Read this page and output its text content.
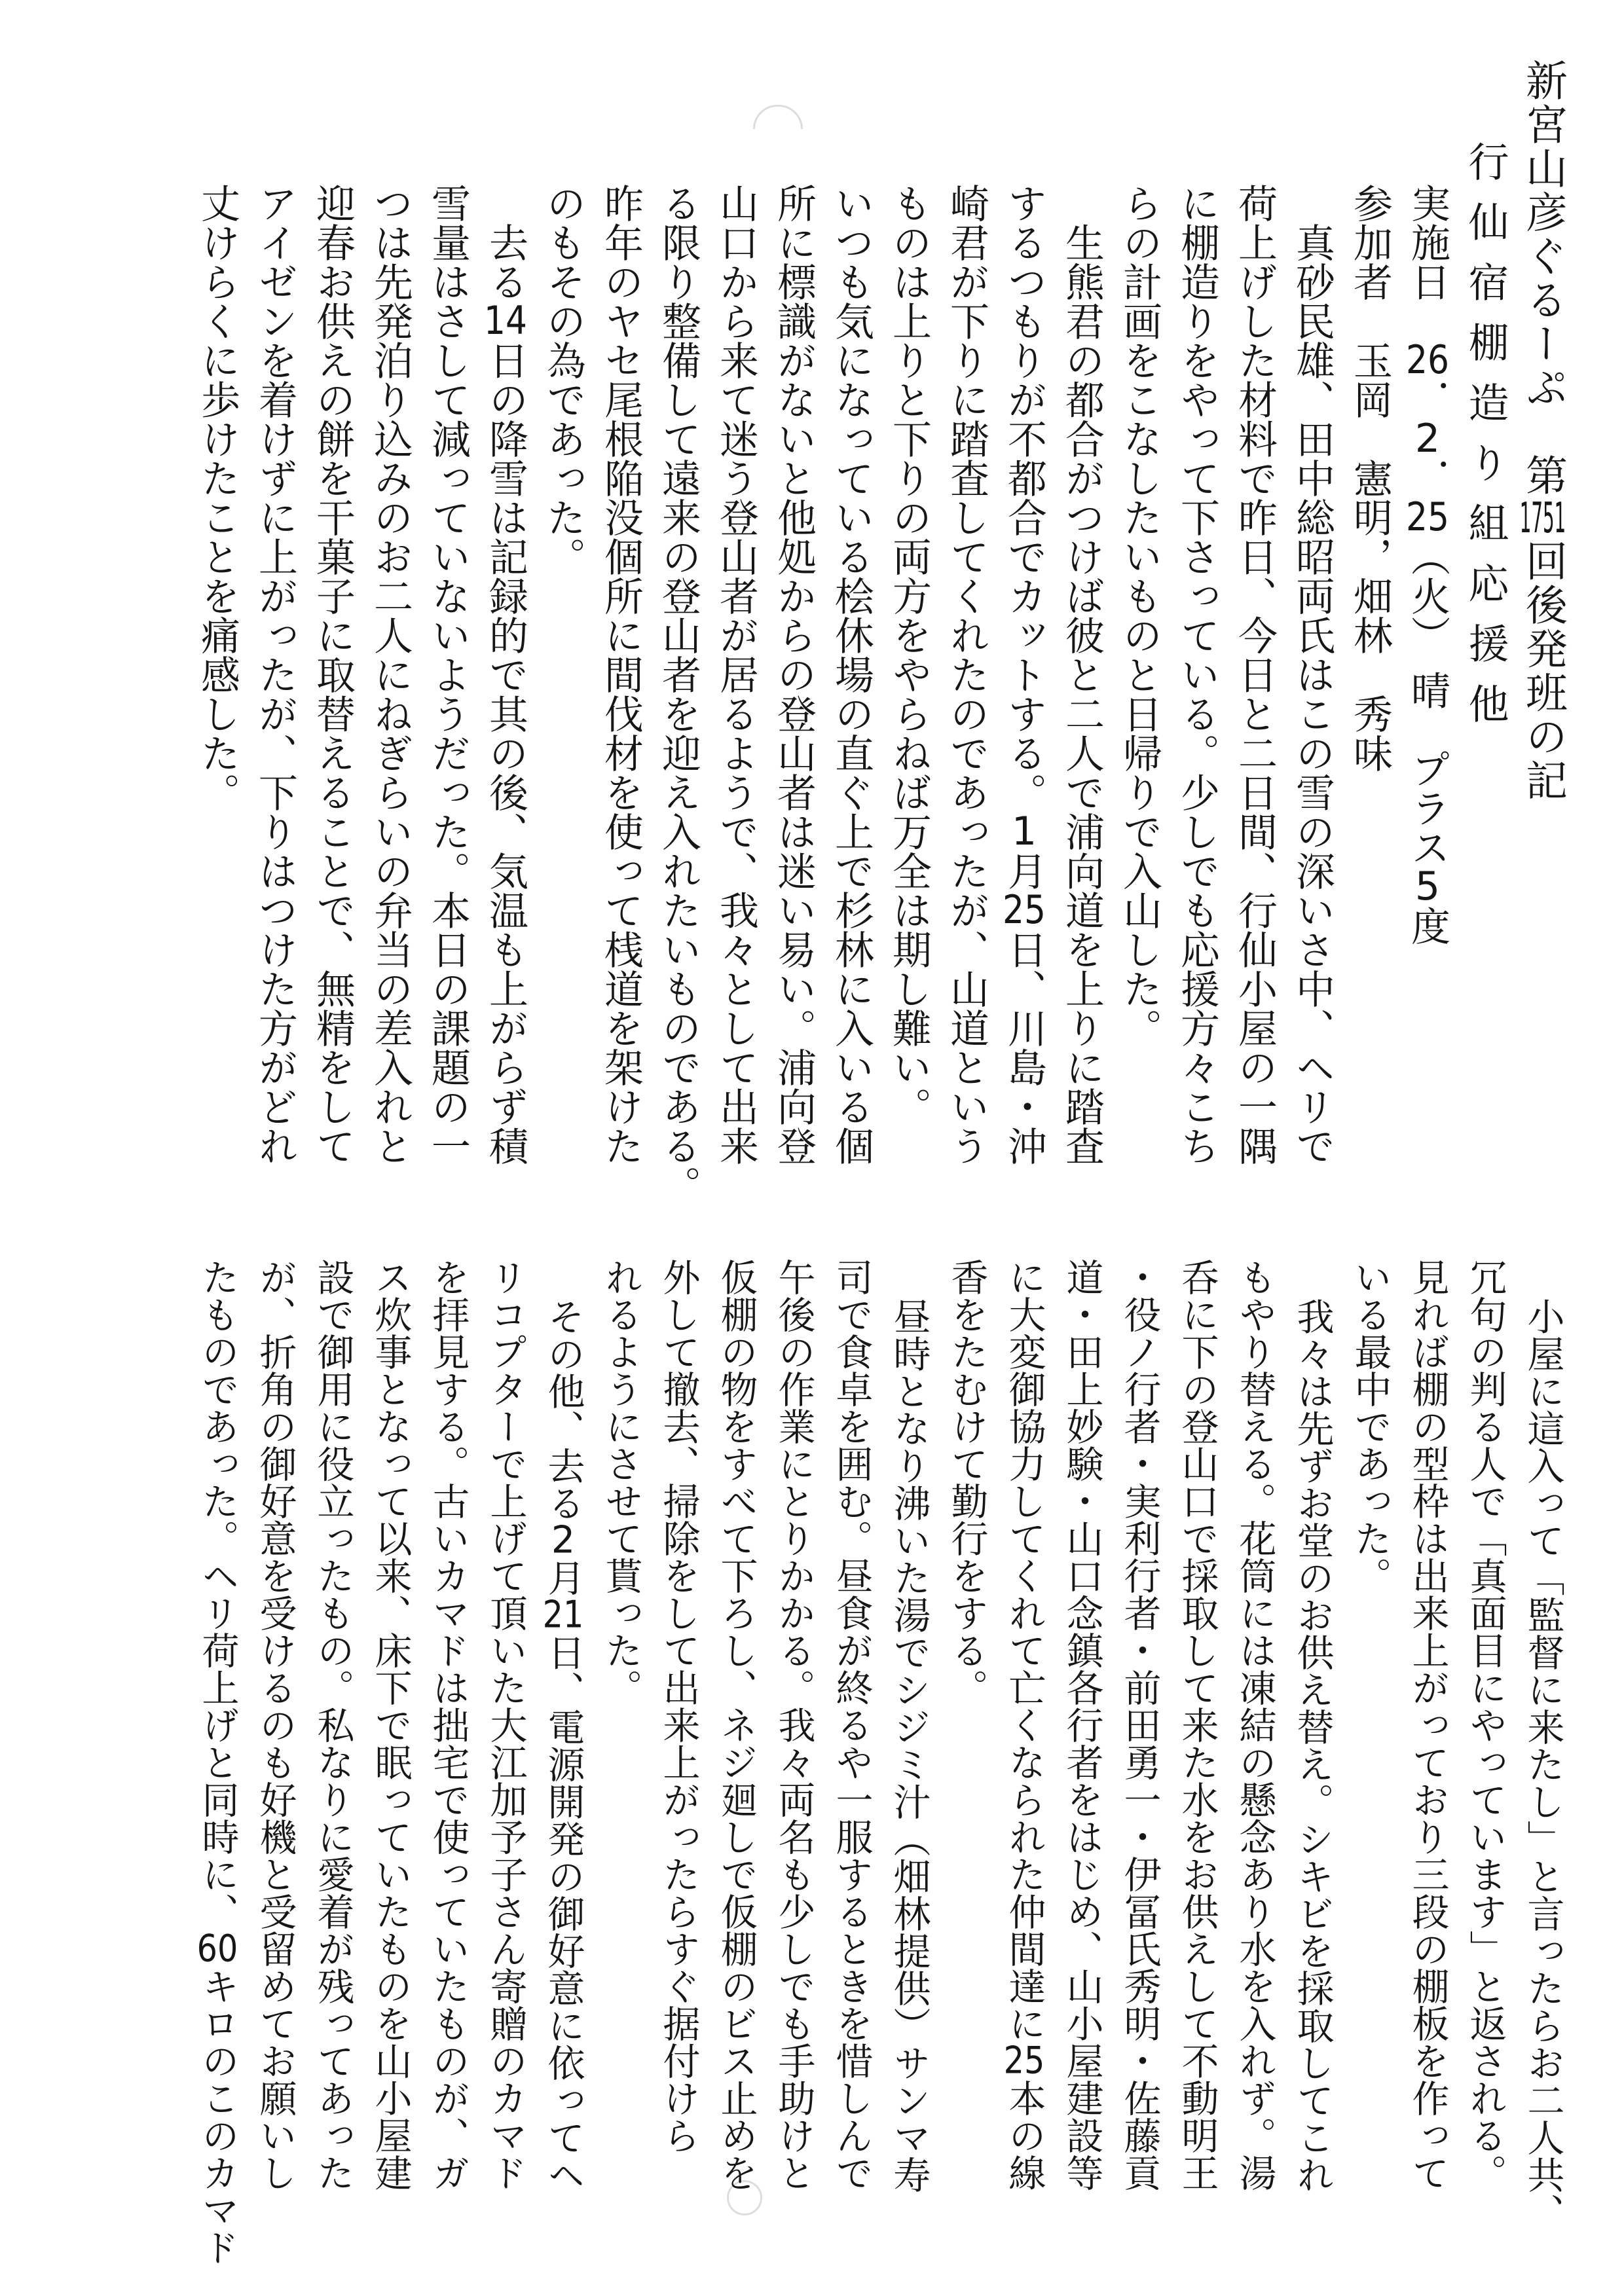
新宮山彦ぐるーぷ　第1751回後発班の記
行仙宿棚造り組応援他
実施日26．2．25（火）晴プラス5度
参加者玉岡　憲明，畑林　秀味
真砂民雄、田中総昭両氏はこの雪の深いさ中、ヘリで
荷上げした材料で昨日、今日と二日間、行仙小屋の一隅
に棚造りをやって下さっている。少しでも応援方々こち
らの計画をこなしたいものと日帰りで入山した。
生熊君の都合がつけば彼と二人で浦向道を上りに踏査
するつもりが不都合でカットする。1月25日、川島・沖
崎君が下りに踏査してくれたのであったが、山道という
ものは上りと下りの両方をやらねば万全は期し難い。
いつも気になっている桧休場の直ぐ上で杉林に入いる個
所に標識がないと他処からの登山者は迷い易い。浦向登
山口から来て迷う登山者が居るようで、我々として出来
る限り整備して遠来の登山者を迎え入れたいものである。
昨年のヤセ尾根陥没個所に間伐材を使って桟道を架けた
のもその為であった。
去る14日の降雪は記録的で其の後、気温も上がらず積
雪量はさして減っていないようだった。本日の課題の一
つは先発泊り込みのお二人にねぎらいの弁当の差入れと
迎春お供えの餅を干菓子に取替えることで、無精をして
アイゼンを着けずに上がったが、下りはつけた方がどれ
丈けらくに歩けたことを痛感した。
小屋に這入って「監督に来たし」と言ったらお二人共、
冗句の判る人で「真面目にやっています」と返される。
見れば棚の型枠は出来上がっており三段の棚板を作って
いる最中であった。
我々は先ずお堂のお供え替え。シキビを採取してこれ
もやり替える。花筒には凍結の懸念あり水を入れず。湯
呑に下の登山口で採取して来た水をお供えして不動明王
・役ノ行者・実利行者・前田勇一・伊冨氏秀明・佐藤貢
道・田上妙験・山口念鎮各行者をはじめ、山小屋建設等
に大変御協力してくれて亡くなられた仲間達に25本の線
香をたむけて勤行をする。
昼時となり沸いた湯でシジミ汁（畑林提供）サンマ寿
司で食卓を囲む。昼食が終るや一服するときを惜しんで
午後の作業にとりかかる。我々両名も少しでも手助けと
仮棚の物をすべて下ろし、ネジ廻しで仮棚のビス止めを
外して撤去、掃除をして出来上がったらすぐ据付けら
れるようにさせて貰った。
その他、去る2月21日、電源開発の御好意に依ってヘ
リコプターで上げて頂いた大江加予子さん寄贈のカマド
を拝見する。古いカマドは拙宅で使っていたものが、ガ
ス炊事となって以来、床下で眠っていたものを山小屋建
設で御用に役立ったもの。私なりに愛着が残ってあった
が、折角の御好意を受けるのも好機と受留めてお願いし
たものであった。ヘリ荷上げと同時に、60キロのこのカマド
